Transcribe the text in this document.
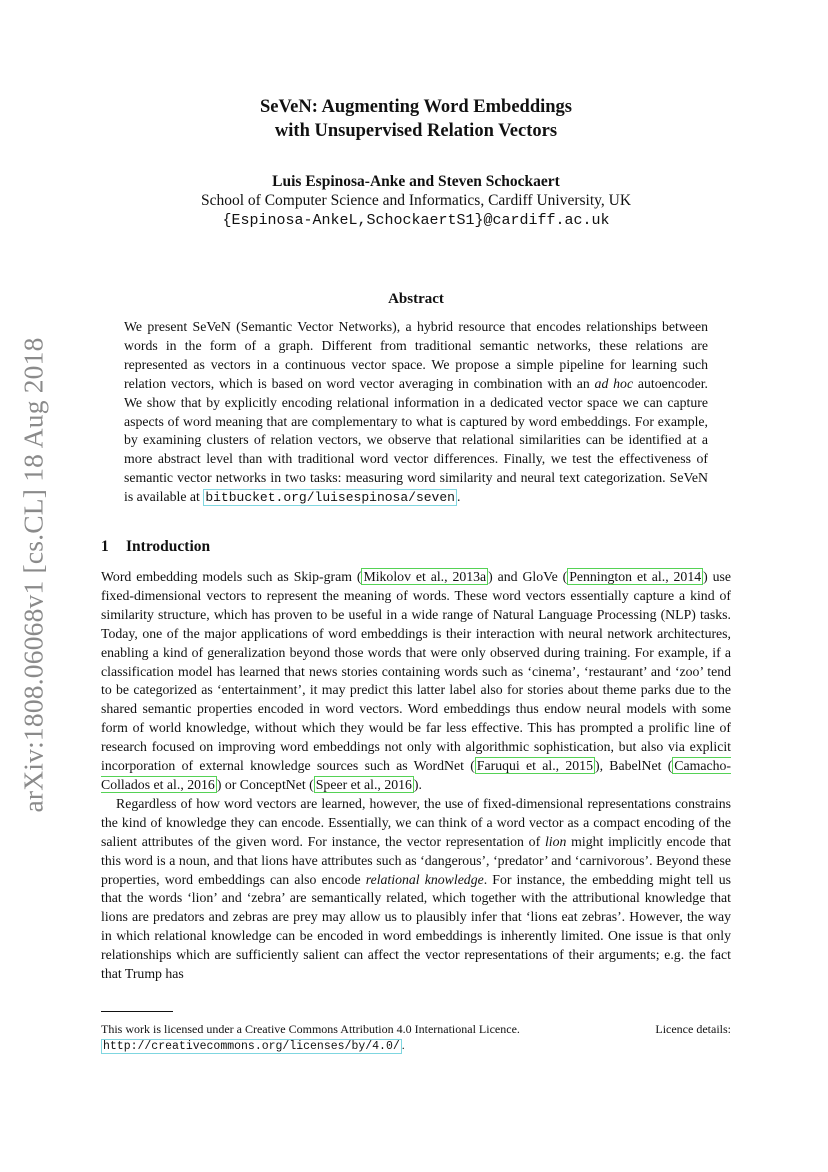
arXiv:1808.06068v1 [cs.CL] 18 Aug 2018
SeVeN: Augmenting Word Embeddings
with Unsupervised Relation Vectors
Luis Espinosa-Anke and Steven Schockaert
School of Computer Science and Informatics, Cardiff University, UK
{Espinosa-AnkeL,SchockaertS1}@cardiff.ac.uk
Abstract
We present SeVeN (Semantic Vector Networks), a hybrid resource that encodes relationships between words in the form of a graph. Different from traditional semantic networks, these relations are represented as vectors in a continuous vector space. We propose a simple pipeline for learning such relation vectors, which is based on word vector averaging in combination with an ad hoc autoencoder. We show that by explicitly encoding relational information in a dedicated vector space we can capture aspects of word meaning that are complementary to what is captured by word embeddings. For example, by examining clusters of relation vectors, we observe that relational similarities can be identified at a more abstract level than with traditional word vector differences. Finally, we test the effectiveness of semantic vector networks in two tasks: measuring word similarity and neural text categorization. SeVeN is available at bitbucket.org/luisespinosa/seven .
1 Introduction

Word embedding models such as Skip-gram ( Mikolov et al., 2013a ) and GloVe ( Pennington et al., 2014 ) use fixed-dimensional vectors to represent the meaning of words. These word vectors essentially capture a kind of similarity structure, which has proven to be useful in a wide range of Natural Language Processing (NLP) tasks. Today, one of the major applications of word embeddings is their interaction with neural network architectures, enabling a kind of generalization beyond those words that were only observed during training. For example, if a classification model has learned that news stories containing words such as ‘cinema’, ‘restaurant’ and ‘zoo’ tend to be categorized as ‘entertainment’, it may predict this latter label also for stories about theme parks due to the shared semantic properties encoded in word vectors. Word embeddings thus endow neural models with some form of world knowledge, without which they would be far less effective. This has prompted a prolific line of research focused on improving word embeddings not only with algorithmic sophistication, but also via explicit incorporation of external knowledge sources such as WordNet ( Faruqui et al., 2015 ), BabelNet ( Camacho-Collados et al., 2016 ) or ConceptNet ( Speer et al., 2016 ).

Regardless of how word vectors are learned, however, the use of fixed-dimensional representations constrains the kind of knowledge they can encode. Essentially, we can think of a word vector as a compact encoding of the salient attributes of the given word. For instance, the vector representation of lion might implicitly encode that this word is a noun, and that lions have attributes such as ‘dangerous’, ‘predator’ and ‘carnivorous’. Beyond these properties, word embeddings can also encode relational knowledge. For instance, the embedding might tell us that the words ‘lion’ and ‘zebra’ are semantically related, which together with the attributional knowledge that lions are predators and zebras are prey may allow us to plausibly infer that ‘lions eat zebras’. However, the way in which relational knowledge can be encoded in word embeddings is inherently limited. One issue is that only relationships which are sufficiently salient can affect the vector representations of their arguments; e.g. the fact that Trump has

This work is licensed under a Creative Commons Attribution 4.0 International Licence.	Licence details:
http://creativecommons.org/licenses/by/4.0/ .
